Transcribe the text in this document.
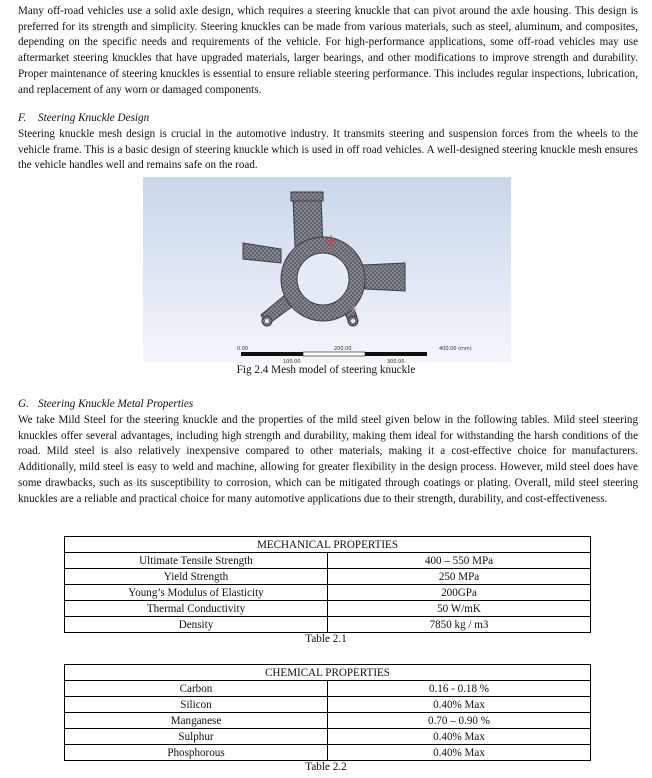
Many off-road vehicles use a solid axle design, which requires a steering knuckle that can pivot around the axle housing. This design is preferred for its strength and simplicity. Steering knuckles can be made from various materials, such as steel, aluminum, and composites, depending on the specific needs and requirements of the vehicle. For high-performance applications, some off-road vehicles may use aftermarket steering knuckles that have upgraded materials, larger bearings, and other modifications to improve strength and durability. Proper maintenance of steering knuckles is essential to ensure reliable steering performance. This includes regular inspections, lubrication, and replacement of any worn or damaged components.

F. Steering Knuckle Design

Steering knuckle mesh design is crucial in the automotive industry. It transmits steering and suspension forces from the wheels to the vehicle frame. This is a basic design of steering knuckle which is used in off road vehicles. A well-designed steering knuckle mesh ensures the vehicle handles well and remains safe on the road.

0.00
100.00
200.00
300.00
400.00 (mm)
Fig 2.4 Mesh model of steering knuckle

G. Steering Knuckle Metal Properties

We take Mild Steel for the steering knuckle and the properties of the mild steel given below in the following tables. Mild steel steering knuckles offer several advantages, including high strength and durability, making them ideal for withstanding the harsh conditions of the road. Mild steel is also relatively inexpensive compared to other materials, making it a cost-effective choice for manufacturers. Additionally, mild steel is easy to weld and machine, allowing for greater flexibility in the design process. However, mild steel does have some drawbacks, such as its susceptibility to corrosion, which can be mitigated through coatings or plating. Overall, mild steel steering knuckles are a reliable and practical choice for many automotive applications due to their strength, durability, and cost-effectiveness.

MECHANICAL PROPERTIES	
Ultimate Tensile Strength	400 – 550 MPa
Yield Strength	250 MPa
Young’s Modulus of Elasticity	200GPa
Thermal Conductivity	50 W/mK
Density	7850 kg / m3
Table 2.1
CHEMICAL PROPERTIES	
Carbon	0.16 - 0.18 %
Silicon	0.40% Max
Manganese	0.70 – 0.90 %
Sulphur	0.40% Max
Phosphorous	0.40% Max
Table 2.2
